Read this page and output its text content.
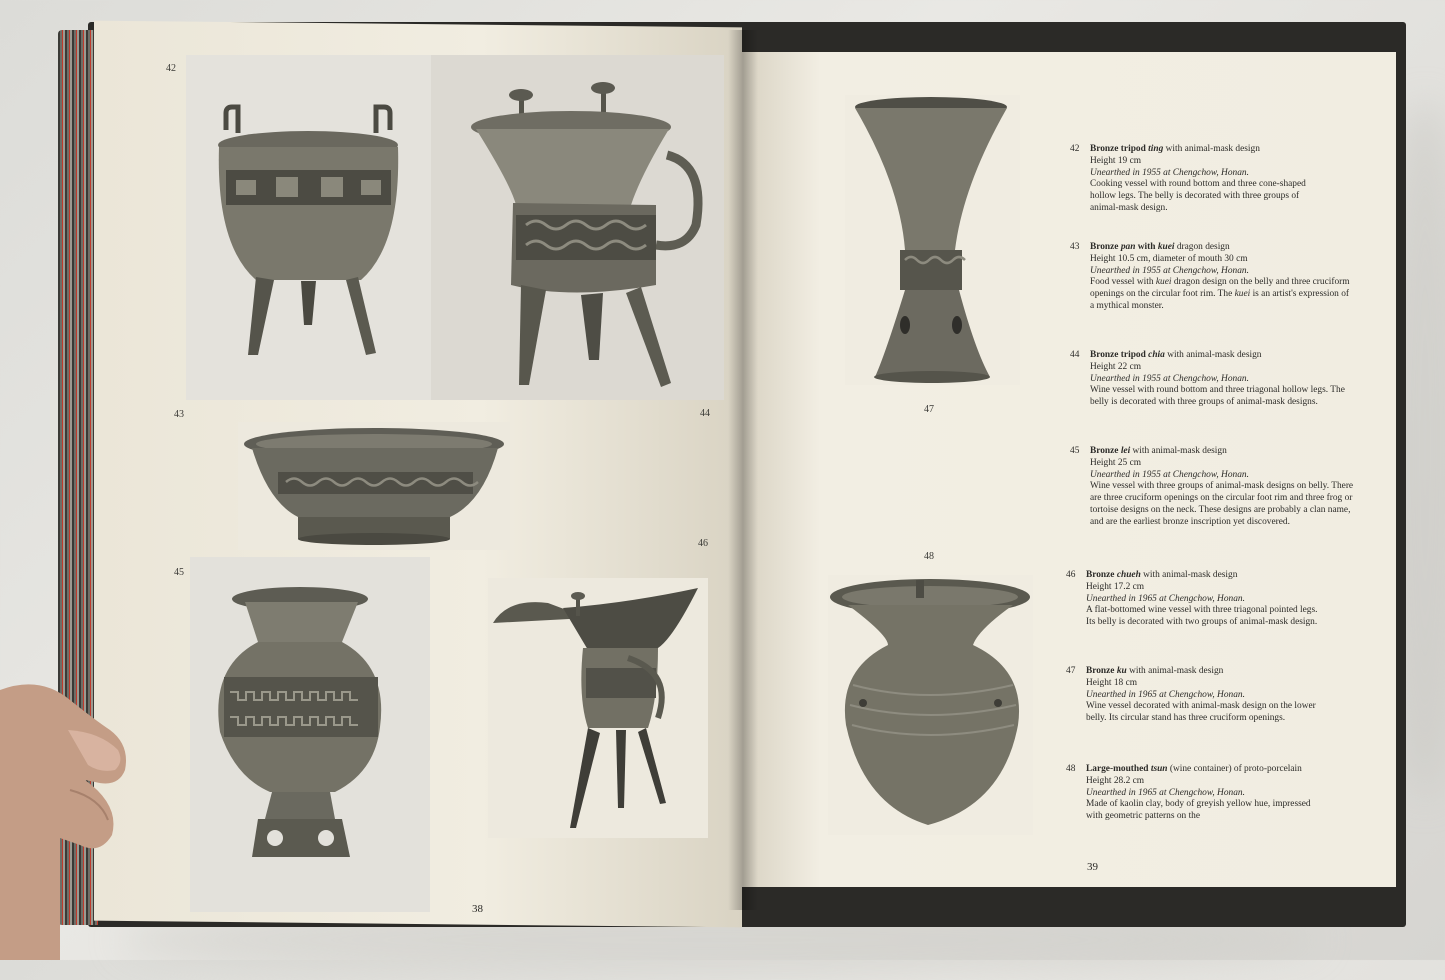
42
43	44
46
45
38
47
48
42 Bronze tripod ting with animal-mask design
Height 19 cm
Unearthed in 1955 at Chengchow, Honan.
Cooking vessel with round bottom and three cone-shaped hollow legs. The belly is decorated with three groups of animal-mask design.
43 Bronze pan with kuei dragon design
Height 10.5 cm, diameter of mouth 30 cm
Unearthed in 1955 at Chengchow, Honan.
Food vessel with kuei dragon design on the belly and three cruciform openings on the circular foot rim. The kuei is an artist's expression of a mythical monster.
44 Bronze tripod chia with animal-mask design
Height 22 cm
Unearthed in 1955 at Chengchow, Honan.
Wine vessel with round bottom and three triagonal hollow legs. The belly is decorated with three groups of animal-mask designs.
45 Bronze lei with animal-mask design
Height 25 cm
Unearthed in 1955 at Chengchow, Honan.
Wine vessel with three groups of animal-mask designs on belly. There are three cruciform openings on the circular foot rim and three frog or tortoise designs on the neck. These designs are probably a clan name, and are the earliest bronze inscription yet discovered.
46 Bronze chueh with animal-mask design
Height 17.2 cm
Unearthed in 1965 at Chengchow, Honan.
A flat-bottomed wine vessel with three triagonal pointed legs. Its belly is decorated with two groups of animal-mask design.
47 Bronze ku with animal-mask design
Height 18 cm
Unearthed in 1965 at Chengchow, Honan.
Wine vessel decorated with animal-mask design on the lower belly. Its circular stand has three cruciform openings.
48 Large-mouthed tsun (wine container) of proto-porcelain
Height 28.2 cm
Unearthed in 1965 at Chengchow, Honan.
Made of kaolin clay, body of greyish yellow hue, impressed with geometric patterns on the
39
